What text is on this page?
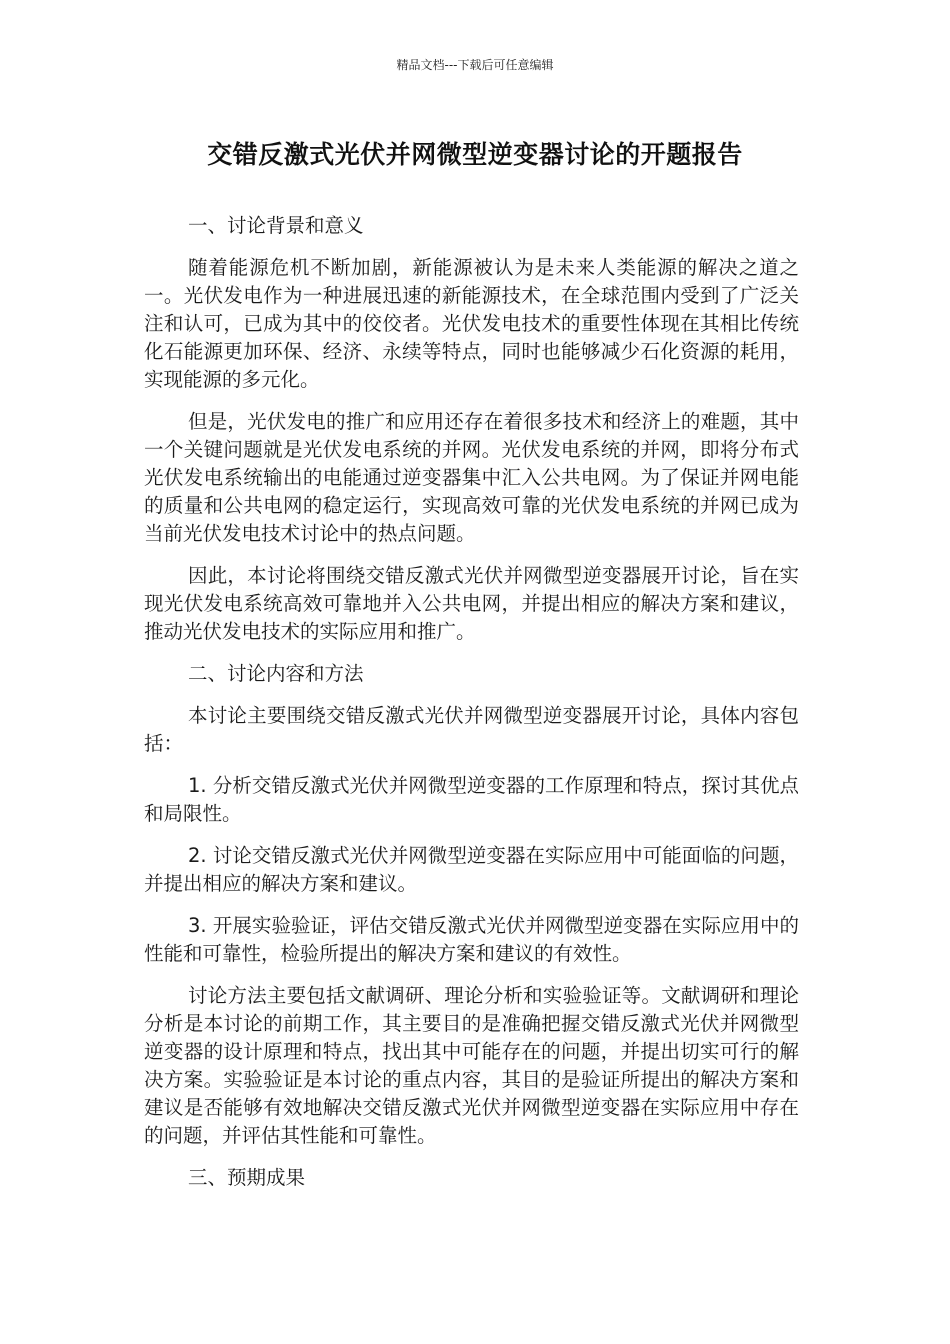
精品文档---下载后可任意编辑
交错反激式光伏并网微型逆变器讨论的开题报告
一、讨论背景和意义
随着能源危机不断加剧，新能源被认为是未来人类能源的解决之道之一。光伏发电作为一种进展迅速的新能源技术，在全球范围内受到了广泛关注和认可，已成为其中的佼佼者。光伏发电技术的重要性体现在其相比传统化石能源更加环保、经济、永续等特点，同时也能够减少石化资源的耗用，实现能源的多元化。
但是，光伏发电的推广和应用还存在着很多技术和经济上的难题，其中一个关键问题就是光伏发电系统的并网。光伏发电系统的并网，即将分布式光伏发电系统输出的电能通过逆变器集中汇入公共电网。为了保证并网电能的质量和公共电网的稳定运行，实现高效可靠的光伏发电系统的并网已成为当前光伏发电技术讨论中的热点问题。
因此，本讨论将围绕交错反激式光伏并网微型逆变器展开讨论，旨在实现光伏发电系统高效可靠地并入公共电网，并提出相应的解决方案和建议，推动光伏发电技术的实际应用和推广。
二、讨论内容和方法
本讨论主要围绕交错反激式光伏并网微型逆变器展开讨论，具体内容包括：
1. 分析交错反激式光伏并网微型逆变器的工作原理和特点，探讨其优点和局限性。
2. 讨论交错反激式光伏并网微型逆变器在实际应用中可能面临的问题，并提出相应的解决方案和建议。
3. 开展实验验证，评估交错反激式光伏并网微型逆变器在实际应用中的性能和可靠性，检验所提出的解决方案和建议的有效性。
讨论方法主要包括文献调研、理论分析和实验验证等。文献调研和理论分析是本讨论的前期工作，其主要目的是准确把握交错反激式光伏并网微型逆变器的设计原理和特点，找出其中可能存在的问题，并提出切实可行的解决方案。实验验证是本讨论的重点内容，其目的是验证所提出的解决方案和建议是否能够有效地解决交错反激式光伏并网微型逆变器在实际应用中存在的问题，并评估其性能和可靠性。
三、预期成果
